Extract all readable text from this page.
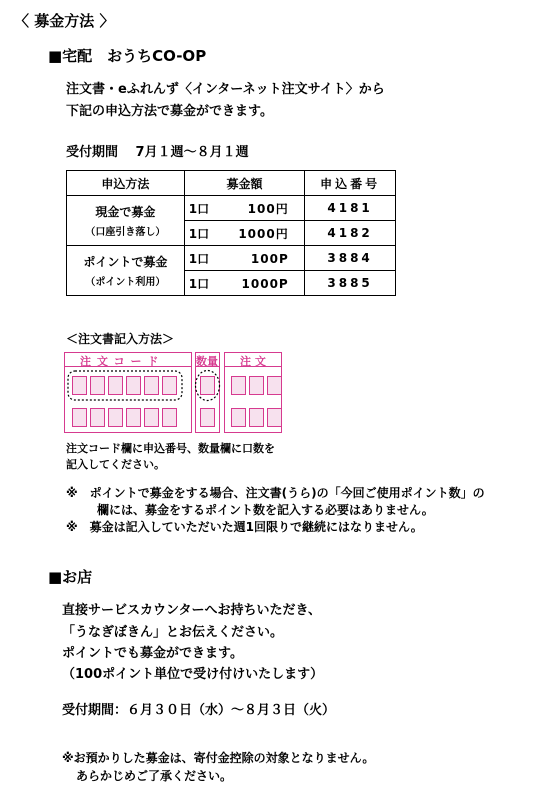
〈 募金方法 〉
■宅配　おうちCO-OP
注文書・eふれんず〈インターネット注文サイト〉から
下記の申込方法で募金ができます。
受付期間　 7月１週～８月１週
申込方法	募金額	申込番号

現金で募金
（口座引き落し）	1口 100円	4181
	1口 1000円	4182

ポイントで募金
（ポイント利用）	1口 100P	3884
	1口 1000P	3885
＜注文書記入方法＞
注 文 コ ー ド	数量 注 文
注文コード欄に申込番号、数量欄に口数を
記入してください。
※　ポイントで募金をする場合、注文書(うら)の「今回ご使用ポイント数」の
欄には、募金をするポイント数を記入する必要はありません。
※　募金は記入していただいた週1回限りで継続にはなりません。
■お店
直接サービスカウンターへお持ちいただき、
「うなぎぼきん」とお伝えください。
ポイントでも募金ができます。
（100ポイント単位で受け付けいたします）
受付期間：６月３０日（水）～８月３日（火）
※お預かりした募金は、寄付金控除の対象となりません。
あらかじめご了承ください。
